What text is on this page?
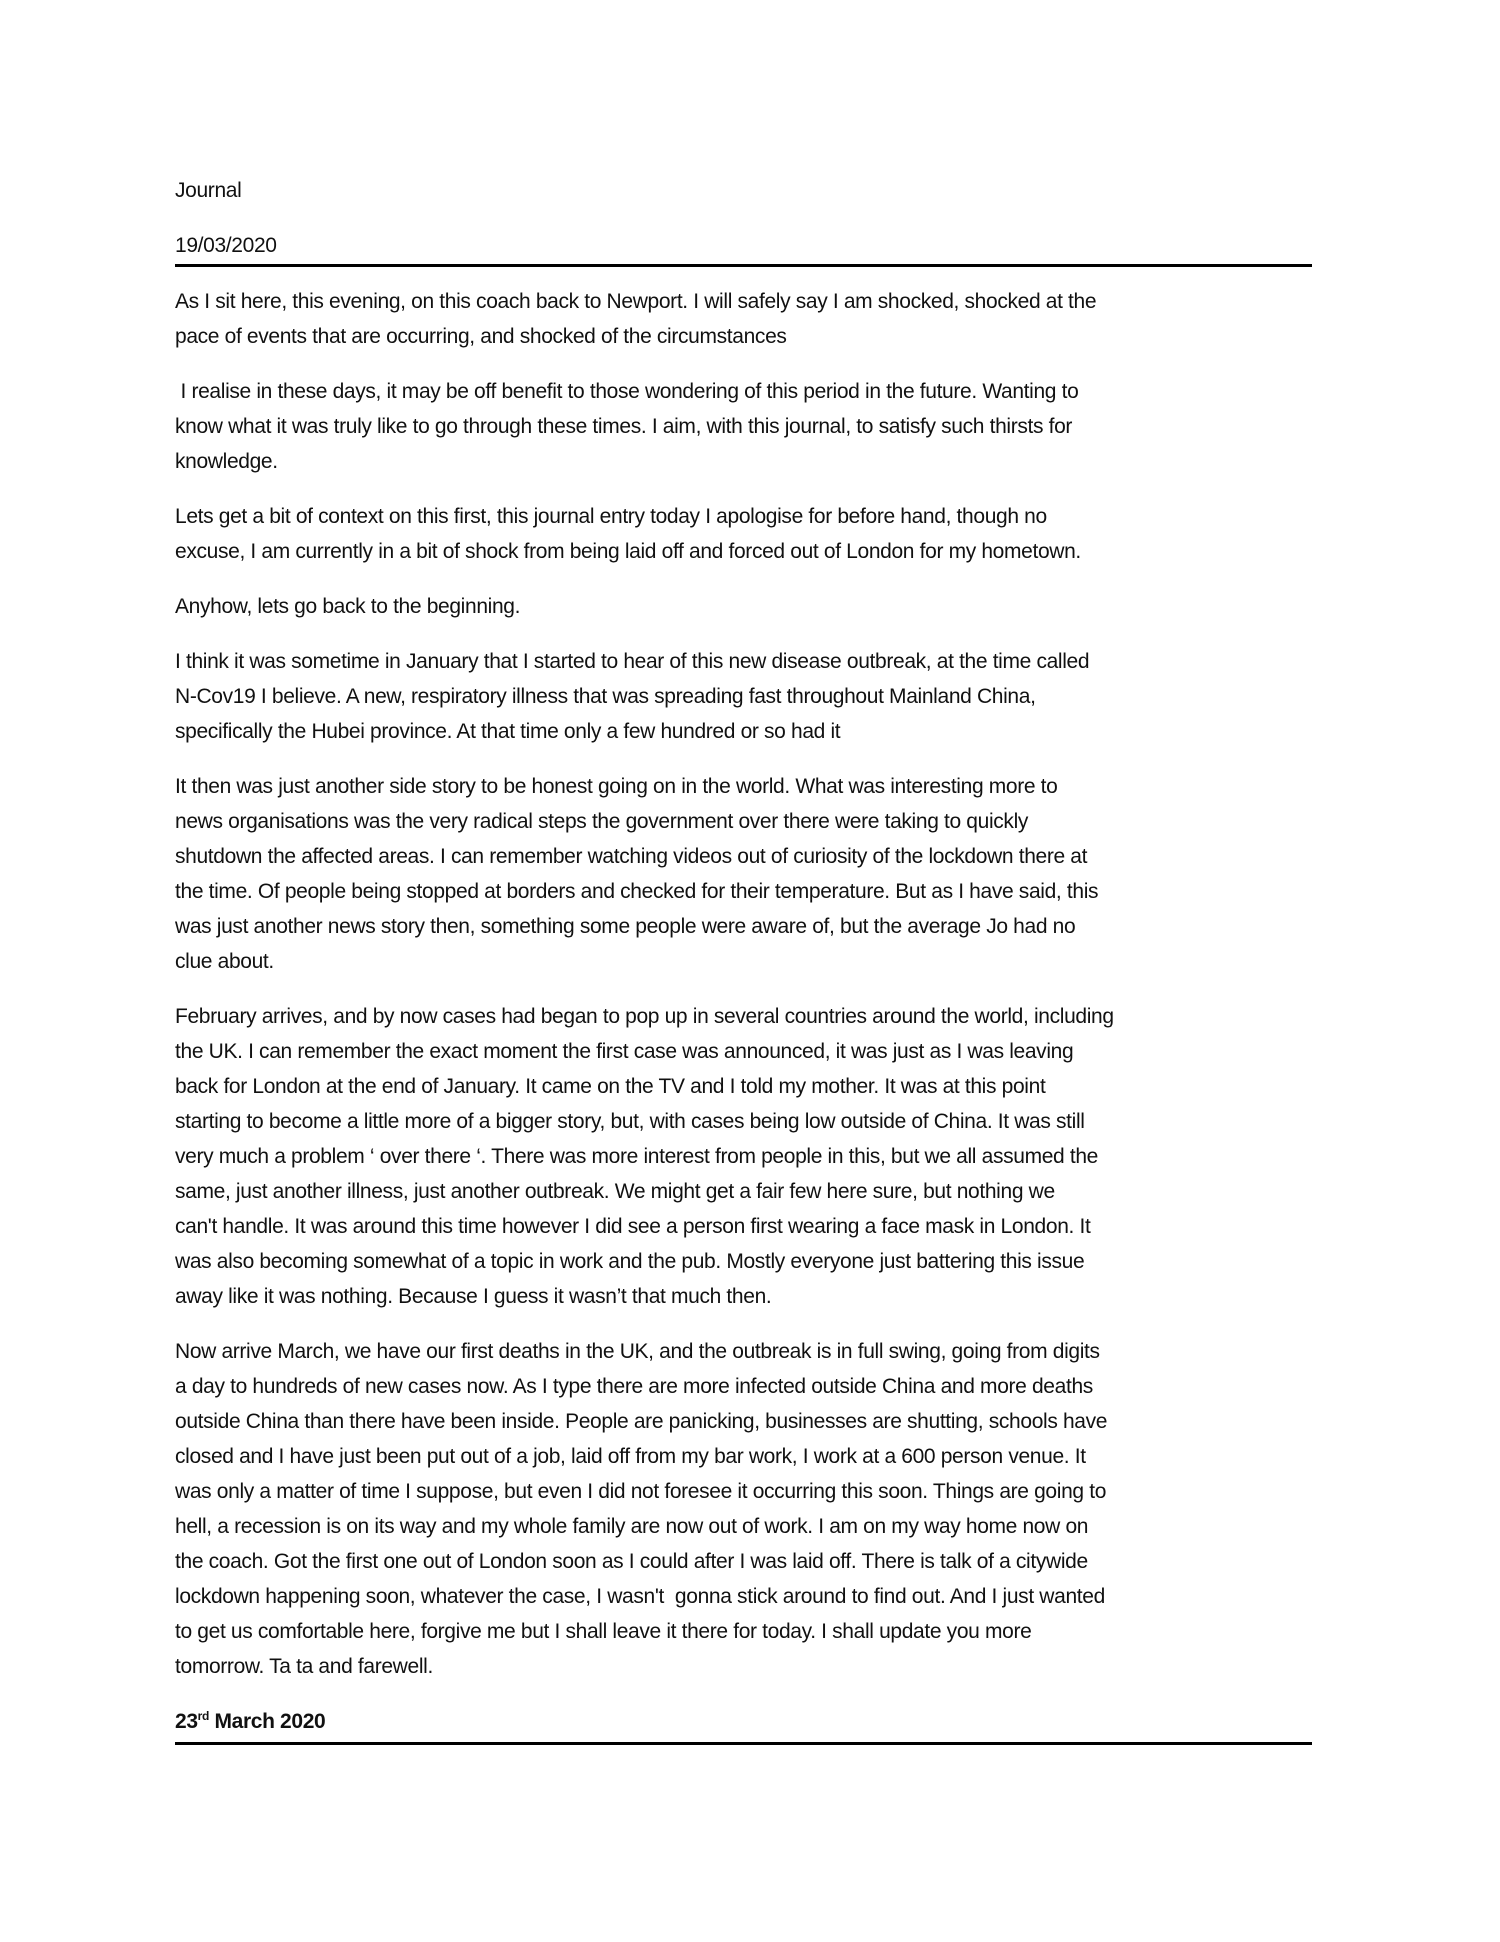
Journal
19/03/2020
As I sit here, this evening, on this coach back to Newport. I will safely say I am shocked, shocked at the
pace of events that are occurring, and shocked of the circumstances
I realise in these days, it may be off benefit to those wondering of this period in the future. Wanting to
know what it was truly like to go through these times. I aim, with this journal, to satisfy such thirsts for
knowledge.
Lets get a bit of context on this first, this journal entry today I apologise for before hand, though no
excuse, I am currently in a bit of shock from being laid off and forced out of London for my hometown.
Anyhow, lets go back to the beginning.
I think it was sometime in January that I started to hear of this new disease outbreak, at the time called
N-Cov19 I believe. A new, respiratory illness that was spreading fast throughout Mainland China,
specifically the Hubei province. At that time only a few hundred or so had it
It then was just another side story to be honest going on in the world. What was interesting more to
news organisations was the very radical steps the government over there were taking to quickly
shutdown the affected areas. I can remember watching videos out of curiosity of the lockdown there at
the time. Of people being stopped at borders and checked for their temperature. But as I have said, this
was just another news story then, something some people were aware of, but the average Jo had no
clue about.
February arrives, and by now cases had began to pop up in several countries around the world, including
the UK. I can remember the exact moment the first case was announced, it was just as I was leaving
back for London at the end of January. It came on the TV and I told my mother. It was at this point
starting to become a little more of a bigger story, but, with cases being low outside of China. It was still
very much a problem ‘ over there ‘. There was more interest from people in this, but we all assumed the
same, just another illness, just another outbreak. We might get a fair few here sure, but nothing we
can't handle. It was around this time however I did see a person first wearing a face mask in London. It
was also becoming somewhat of a topic in work and the pub. Mostly everyone just battering this issue
away like it was nothing. Because I guess it wasn’t that much then.
Now arrive March, we have our first deaths in the UK, and the outbreak is in full swing, going from digits
a day to hundreds of new cases now. As I type there are more infected outside China and more deaths
outside China than there have been inside. People are panicking, businesses are shutting, schools have
closed and I have just been put out of a job, laid off from my bar work, I work at a 600 person venue. It
was only a matter of time I suppose, but even I did not foresee it occurring this soon. Things are going to
hell, a recession is on its way and my whole family are now out of work. I am on my way home now on
the coach. Got the first one out of London soon as I could after I was laid off. There is talk of a citywide
lockdown happening soon, whatever the case, I wasn't  gonna stick around to find out. And I just wanted
to get us comfortable here, forgive me but I shall leave it there for today. I shall update you more
tomorrow. Ta ta and farewell.
23rd March 2020
